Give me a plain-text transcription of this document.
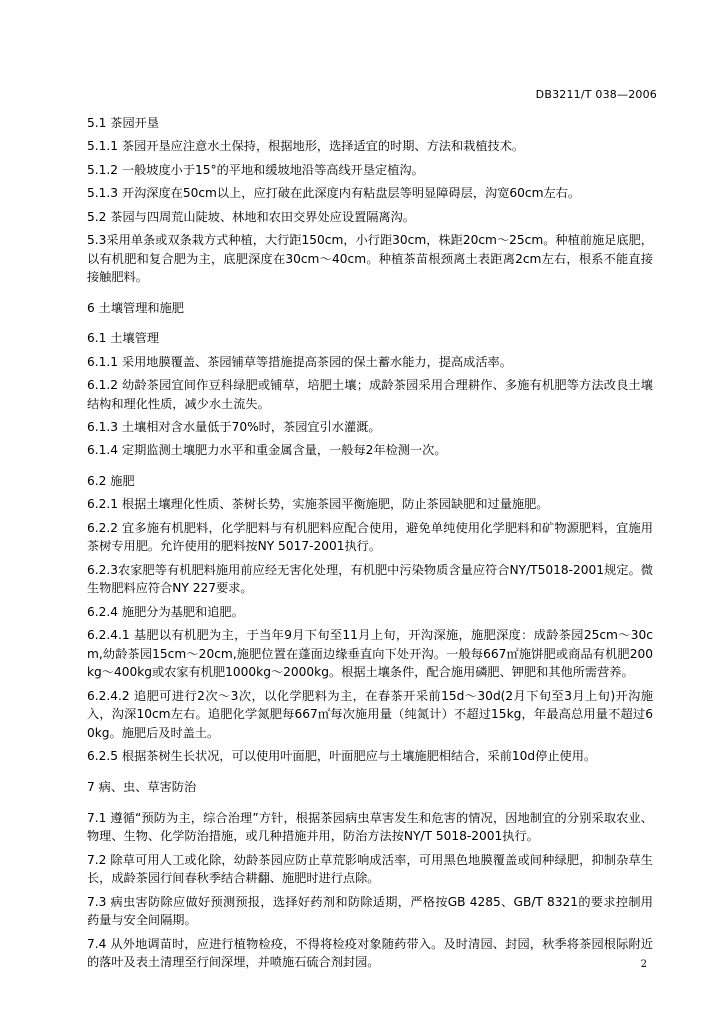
DB3211/T 038—2006

5.1 茶园开垦

5.1.1 茶园开垦应注意水土保持，根据地形，选择适宜的时期、方法和栽植技术。

5.1.2 一般坡度小于15°的平地和缓坡地沿等高线开垦定植沟。

5.1.3 开沟深度在50cm以上，应打破在此深度内有粘盘层等明显障碍层，沟宽60cm左右。

5.2 茶园与四周荒山陡坡、林地和农田交界处应设置隔离沟。

5.3采用单条或双条栽方式种植，大行距150cm，小行距30cm，株距20cm～25cm。种植前施足底肥，以有机肥和复合肥为主，底肥深度在30cm～40cm。种植茶苗根颈离土表距离2cm左右，根系不能直接接触肥料。

6 土壤管理和施肥

6.1 土壤管理

6.1.1 采用地膜覆盖、茶园铺草等措施提高茶园的保土蓄水能力，提高成活率。

6.1.2 幼龄茶园宜间作豆科绿肥或铺草，培肥土壤；成龄茶园采用合理耕作、多施有机肥等方法改良土壤结构和理化性质，减少水土流失。

6.1.3 土壤相对含水量低于70%时，茶园宜引水灌溉。

6.1.4 定期监测土壤肥力水平和重金属含量，一般每2年检测一次。

6.2 施肥

6.2.1 根据土壤理化性质、茶树长势，实施茶园平衡施肥，防止茶园缺肥和过量施肥。

6.2.2 宜多施有机肥料，化学肥料与有机肥料应配合使用，避免单纯使用化学肥料和矿物源肥料，宜施用茶树专用肥。允许使用的肥料按NY 5017-2001执行。

6.2.3农家肥等有机肥料施用前应经无害化处理，有机肥中污染物质含量应符合NY/T5018-2001规定。微生物肥料应符合NY 227要求。

6.2.4 施肥分为基肥和追肥。

6.2.4.1 基肥以有机肥为主，于当年9月下旬至11月上旬，开沟深施，施肥深度：成龄茶园25cm～30cm,幼龄茶园15cm～20cm,施肥位置在蓬面边缘垂直向下处开沟。一般每667㎡施饼肥或商品有机肥200kg～400kg或农家有机肥1000kg～2000kg。根据土壤条件，配合施用磷肥、钾肥和其他所需营养。

6.2.4.2 追肥可进行2次～3次，以化学肥料为主，在春茶开采前15d～30d(2月下旬至3月上旬)开沟施入，沟深10cm左右。追肥化学氮肥每667㎡每次施用量（纯氮计）不超过15kg，年最高总用量不超过60kg。施肥后及时盖土。

6.2.5 根据茶树生长状况，可以使用叶面肥，叶面肥应与土壤施肥相结合，采前10d停止使用。

7 病、虫、草害防治

7.1 遵循“预防为主，综合治理”方针，根据茶园病虫草害发生和危害的情况，因地制宜的分别采取农业、物理、生物、化学防治措施，或几种措施并用，防治方法按NY/T 5018-2001执行。

7.2 除草可用人工或化除，幼龄茶园应防止草荒影响成活率，可用黑色地膜覆盖或间种绿肥，抑制杂草生长，成龄茶园行间春秋季结合耕翻、施肥时进行点除。

7.3 病虫害防除应做好预测预报，选择好药剂和防除适期，严格按GB 4285、GB/T 8321的要求控制用药量与安全间隔期。

7.4 从外地调苗时，应进行植物检疫，不得将检疫对象随药带入。及时清园、封园，秋季将茶园根际附近的落叶及表土清理至行间深埋，并喷施石硫合剂封园。	2
